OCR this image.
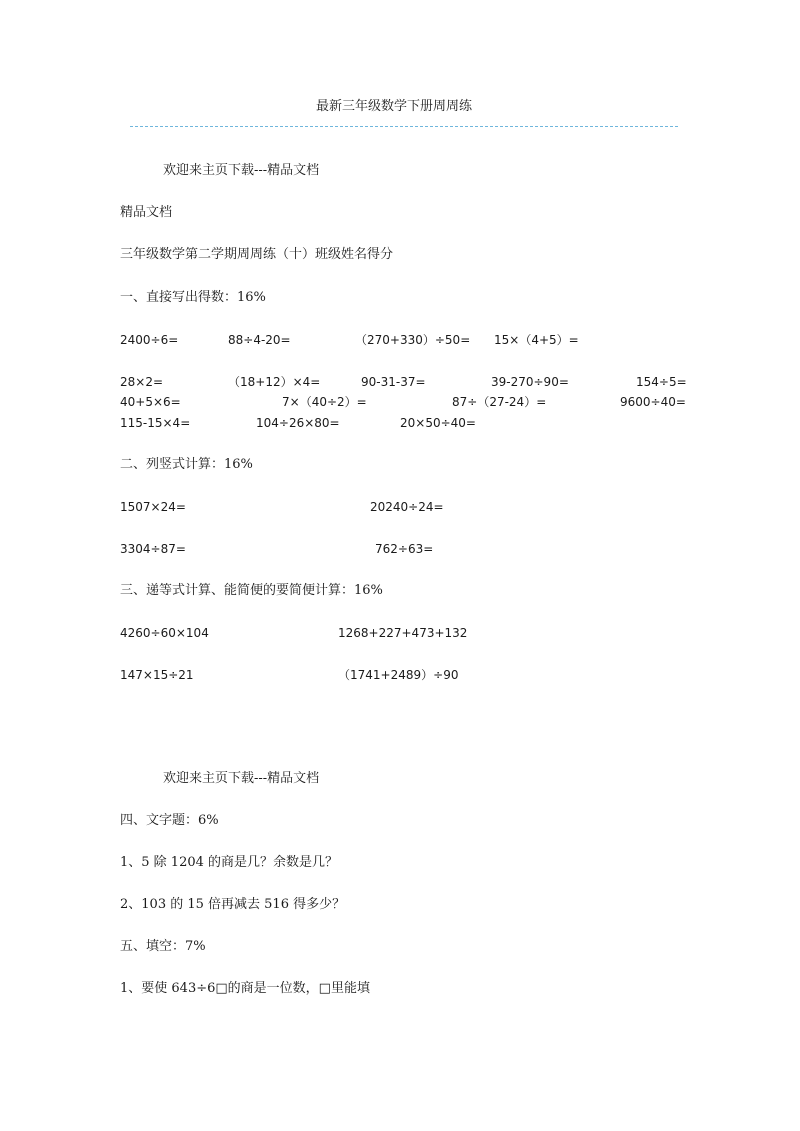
最新三年级数学下册周周练
欢迎来主页下载---精品文档
精品文档
三年级数学第二学期周周练（十）班级姓名得分
一、直接写出得数：16%
2400÷6=	88÷4-20=	（270+330）÷50= 15×（4+5）=
28×2=	（18+12）×4=	90-31-37=	39-270÷90=	154÷5=
40+5×6=	7×（40÷2）=	87÷（27-24）=	9600÷40=
115-15×4=	104÷26×80=	20×50÷40=
二、列竖式计算：16%
1507×24=	20240÷24=
3304÷87=	762÷63=
三、递等式计算、能简便的要简便计算：16%
4260÷60×104	1268+227+473+132
147×15÷21	（1741+2489）÷90
欢迎来主页下载---精品文档
四、文字题：6%
1、5 除 1204 的商是几？余数是几？
2、103 的 15 倍再减去 516 得多少？
五、填空：7%
1、要使 643÷6□的商是一位数，□里能填
